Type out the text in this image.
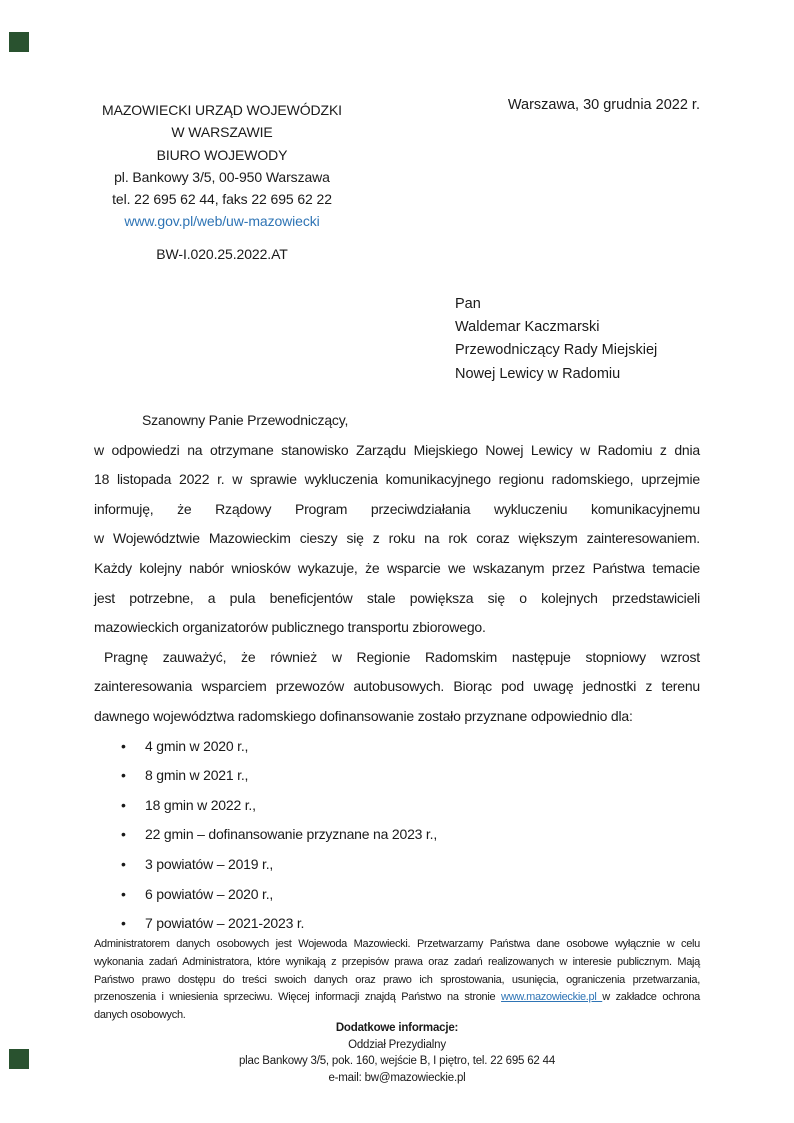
MAZOWIECKI URZĄD WOJEWÓDZKI
W WARSZAWIE
BIURO WOJEWODY
pl. Bankowy 3/5, 00-950 Warszawa
tel. 22 695 62 44, faks 22 695 62 22
www.gov.pl/web/uw-mazowiecki
BW-I.020.25.2022.AT
Warszawa, 30 grudnia 2022 r.
Pan
Waldemar Kaczmarski
Przewodniczący Rady Miejskiej
Nowej Lewicy w Radomiu
Szanowny Panie Przewodniczący,
w odpowiedzi na otrzymane stanowisko Zarządu Miejskiego Nowej Lewicy w Radomiu z dnia
18 listopada 2022 r. w sprawie wykluczenia komunikacyjnego regionu radomskiego, uprzejmie
informuję, że Rządowy Program przeciwdziałania wykluczeniu komunikacyjnemu
w Województwie Mazowieckim cieszy się z roku na rok coraz większym zainteresowaniem.
Każdy kolejny nabór wniosków wykazuje, że wsparcie we wskazanym przez Państwa temacie
jest potrzebne, a pula beneficjentów stale powiększa się o kolejnych przedstawicieli
mazowieckich organizatorów publicznego transportu zbiorowego.
Pragnę zauważyć, że również w Regionie Radomskim następuje stopniowy wzrost
zainteresowania wsparciem przewozów autobusowych. Biorąc pod uwagę jednostki z terenu
dawnego województwa radomskiego dofinansowanie zostało przyznane odpowiednio dla:
• 4 gmin w 2020 r.,
• 8 gmin w 2021 r.,
• 18 gmin w 2022 r.,
• 22 gmin – dofinansowanie przyznane na 2023 r.,
• 3 powiatów – 2019 r.,
• 6 powiatów – 2020 r.,
• 7 powiatów – 2021-2023 r.
Administratorem danych osobowych jest Wojewoda Mazowiecki. Przetwarzamy Państwa dane osobowe wyłącznie w celu
wykonania zadań Administratora, które wynikają z przepisów prawa oraz zadań realizowanych w interesie publicznym. Mają
Państwo prawo dostępu do treści swoich danych oraz prawo ich sprostowania, usunięcia, ograniczenia przetwarzania,
przenoszenia i wniesienia sprzeciwu. Więcej informacji znajdą Państwo na stronie www.mazowieckie.pl w zakładce ochrona
danych osobowych.
Dodatkowe informacje:
Oddział Prezydialny
plac Bankowy 3/5, pok. 160, wejście B, I piętro, tel. 22 695 62 44
e-mail: bw@mazowieckie.pl
